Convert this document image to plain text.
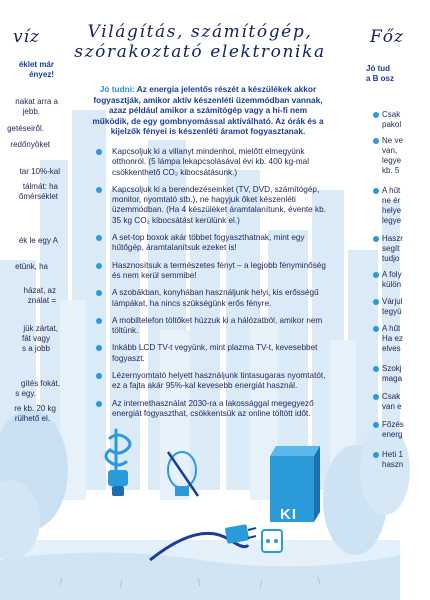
víz	Világítás, számítógép,
szórakoztató elektronika
Főz
Jó tudni: Az energia jelentős részét a készülékek akkor fogyasztják, amikor aktív készenléti üzemmódban vannak, azaz például amikor a számítógép vagy a hi-fi nem működik, de egy gombnyomással aktiválható. Az órák és a kijelzők fényei is készenléti áramot fogyasztanak.
Kapcsoljuk ki a villanyt mindenhol, mielőtt elmegyünk otthonról. (5 lámpa lekapcsolásával évi kb. 400 kg-mal csökkenthető CO₂ kibocsátásunk.)
Kapcsoljuk ki a berendezéseinket (TV, DVD, számítógép, monitor, nyomtató stb.), ne hagyjuk őket készenléti üzemmódban. (Ha 4 készüléket áramtalanítunk, évente kb. 35 kg CO₂ kibocsátást kerülünk el.)
A set-top boxok akár többet fogyaszthatnak, mint egy hűtőgép, áramtalanítsuk ezeket is!
Hasznosítsuk a természetes fényt – a legjobb fényminőség és nem kerül semmibe!
A szobákban, konyhában használjunk helyi, kis erősségű lámpákat, ha nincs szükségünk erős fényre.
A mobiltelefon töltőket húzzuk ki a hálózatból, amikor nem töltünk.
Inkább LCD TV-t vegyünk, mint plazma TV-t, kevesebbet fogyaszt.
Lézernyomtató helyett használjunk tintasugaras nyomtatót, ez a fajta akár 95%-kal kevesebb energiát használ.
Az internethasználat 2030-ra a lakossággal megegyező energiát fogyaszthat, csökkentsük az online töltött időt.
éklet már
ényez!
nakat arra a
jebb.
getéseiről.
redőnyöket
tar 10%-kal
tálmát: ha
őmérséklet
ék le egy A
etünk, ha
házat, az
ználat =
jük zártat,
fát vagy
s a jobb
gítés fokát,
s egy.
re kb. 20 kg
rülhető el.
Jó tud
a B osz
Csak
pakol
Ne ve
van,
legye
kb. 5
A hűt
ne ér
helye
legye
Haszr
segít
tudjo
A foly
külön
Várjul
tegyü
A hűt
Ha ez
elves
Szokj
maga
Csak
van e
Főzés
energ
Heti 1
haszn
KI
